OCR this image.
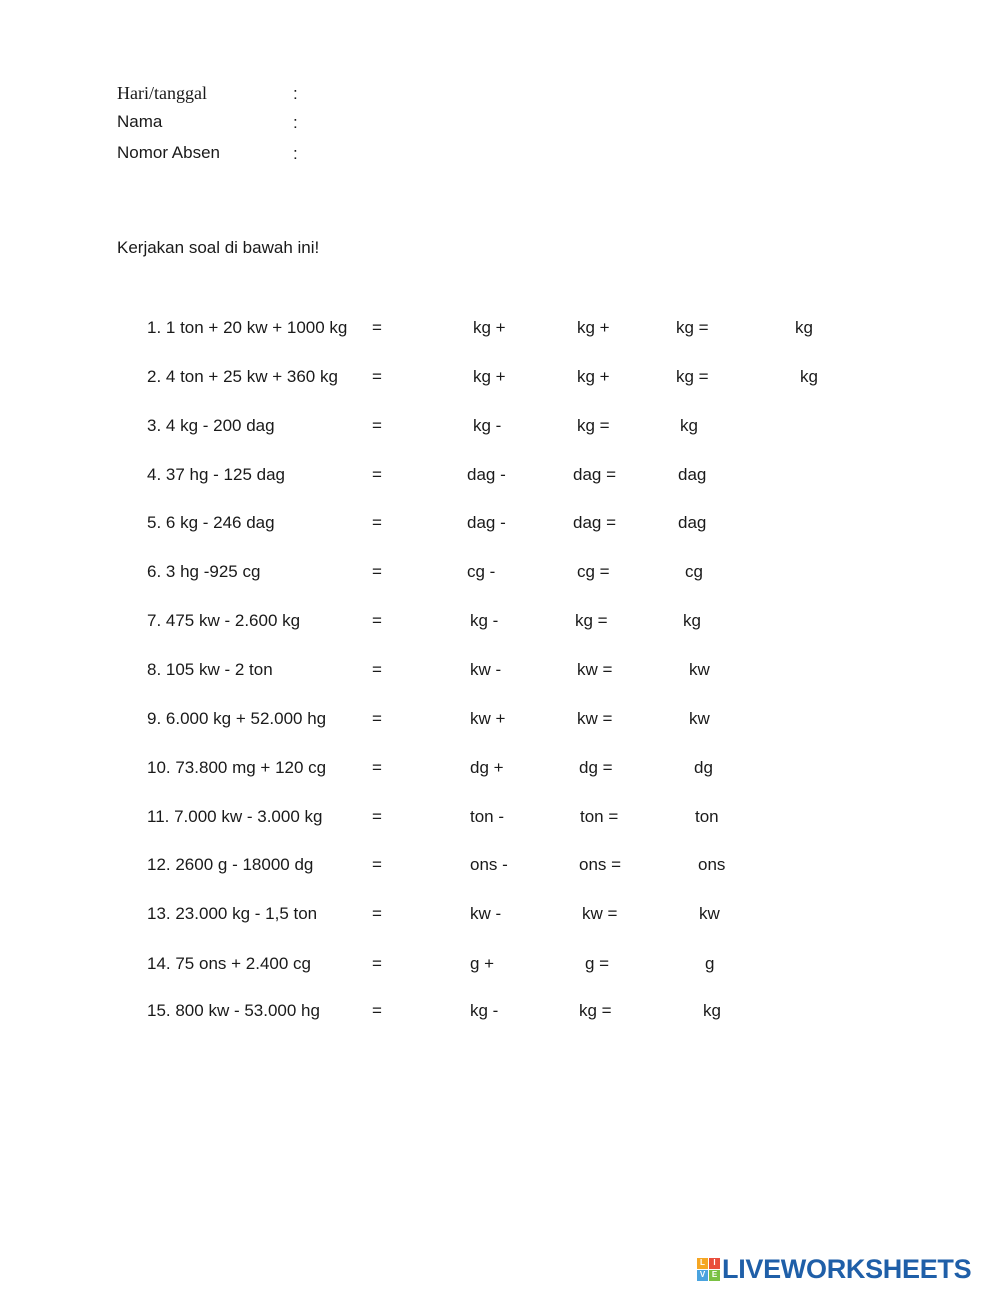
Hari/tanggal	:
Nama	:
Nomor Absen	:
Kerjakan soal di bawah ini!
1. 1 ton + 20 kw + 1000 kg =	kg +	kg +	kg =	kg
2. 4 ton + 25 kw + 360 kg =	kg +	kg +	kg =	kg
3. 4 kg - 200 dag	=	kg -	kg =	kg
4. 37 hg - 125 dag	=	dag -	dag =	dag
5. 6 kg - 246 dag	=	dag -	dag =	dag
6. 3 hg -925 cg	=	cg -	cg =	cg
7. 475 kw - 2.600 kg	=	kg -	kg =	kg
8. 105 kw - 2 ton	=	kw -	kw =	kw
9. 6.000 kg + 52.000 hg	=	kw +	kw =	kw
10. 73.800 mg + 120 cg	=	dg +	dg =	dg
11. 7.000 kw - 3.000 kg	=	ton -	ton =	ton
12. 2600 g - 18000 dg	=	ons -	ons =	ons
13. 23.000 kg - 1,5 ton	=	kw -	kw =	kw
14. 75 ons + 2.400 cg	=	g +	g =	g
15. 800 kw - 53.000 hg	=	kg -	kg =	kg
L	I
V E LIVEWORKSHEETS
